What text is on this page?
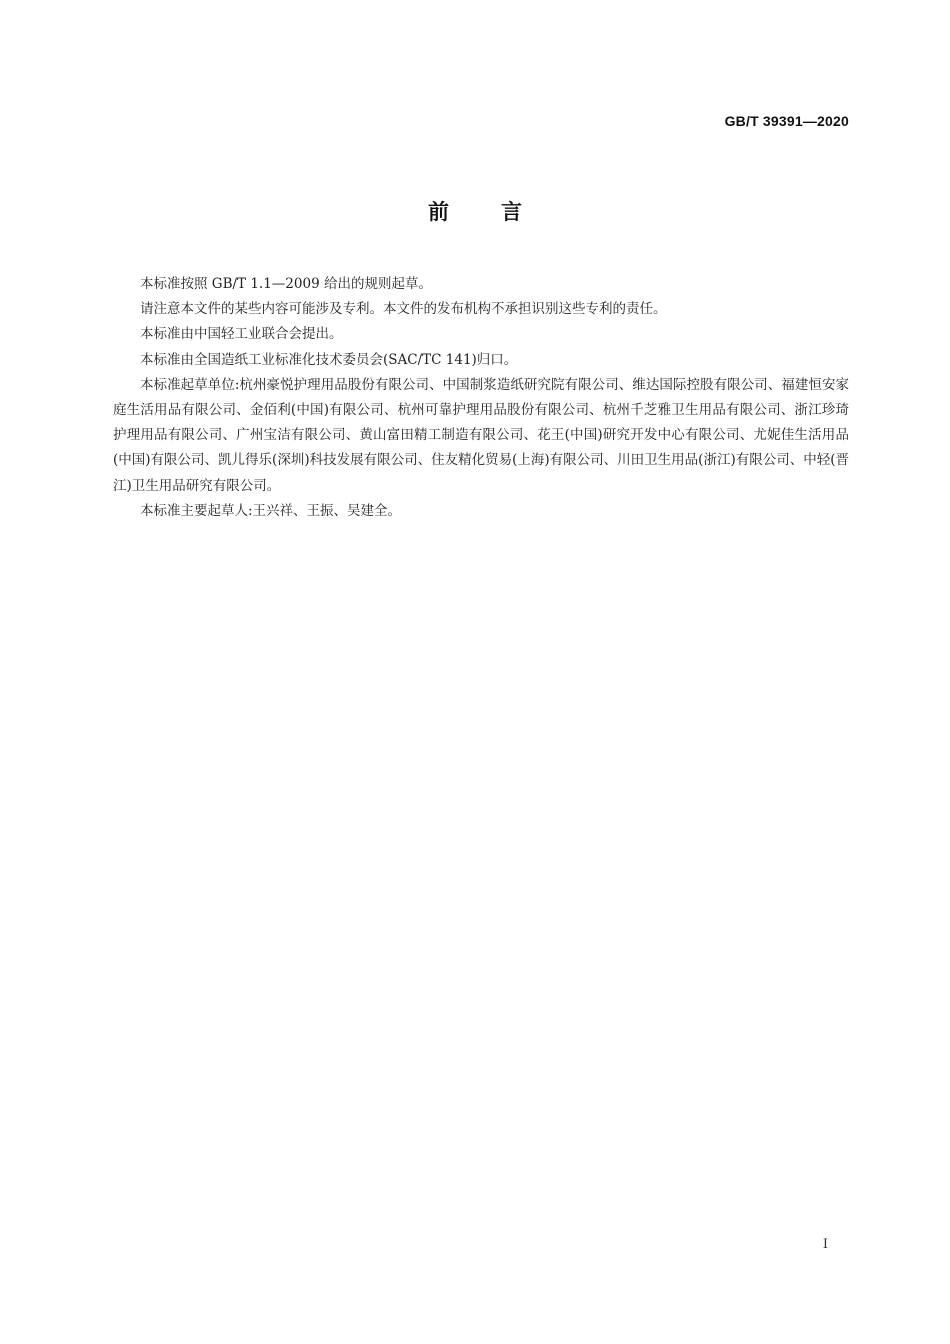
GB/T 39391—2020
前言

本标准按照 GB/T 1.1—2009 给出的规则起草。

请注意本文件的某些内容可能涉及专利。本文件的发布机构不承担识别这些专利的责任。

本标准由中国轻工业联合会提出。

本标准由全国造纸工业标准化技术委员会(SAC/TC 141)归口。

本标准起草单位:杭州豪悦护理用品股份有限公司、中国制浆造纸研究院有限公司、维达国际控股有限公司、福建恒安家庭生活用品有限公司、金佰利(中国)有限公司、杭州可靠护理用品股份有限公司、杭州千芝雅卫生用品有限公司、浙江珍琦护理用品有限公司、广州宝洁有限公司、黄山富田精工制造有限公司、花王(中国)研究开发中心有限公司、尤妮佳生活用品(中国)有限公司、凯儿得乐(深圳)科技发展有限公司、住友精化贸易(上海)有限公司、川田卫生用品(浙江)有限公司、中轻(晋江)卫生用品研究有限公司。

本标准主要起草人:王兴祥、王振、吴建全。

I
